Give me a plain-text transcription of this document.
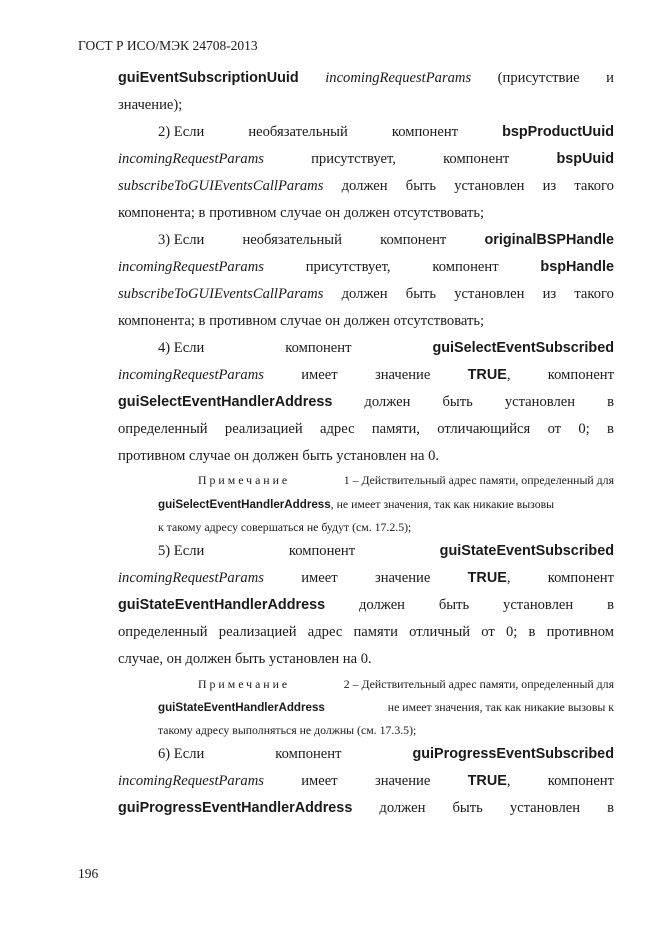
ГОСТ Р ИСО/МЭК 24708-2013
guiEventSubscriptionUuid incomingRequestParams (присутствие и
значение);
2) Если	необязательный	компонент	bspProductUuid
incomingRequestParams	присутствует,	компонент	bspUuid
subscribeToGUIEventsCallParams должен быть установлен из такого
компонента; в противном случае он должен отсутствовать;
3) Если	необязательный	компонент	originalBSPHandle
incomingRequestParams	присутствует,	компонент	bspHandle
subscribeToGUIEventsCallParams должен быть установлен из такого
компонента; в противном случае он должен отсутствовать;
4) Если	компонент	guiSelectEventSubscribed
incomingRequestParams	имеет	значение	TRUE,	компонент
guiSelectEventHandlerAddress должен быть установлен в
определенный реализацией адрес памяти, отличающийся от 0; в
противном случае он должен быть установлен на 0.
Примечание	1 – Действительный адрес памяти, определенный для
guiSelectEventHandlerAddress , не имеет значения, так как никакие вызовы
к такому адресу совершаться не будут (см. 17.2.5);
5) Если	компонент	guiStateEventSubscribed
incomingRequestParams	имеет	значение	TRUE,	компонент
guiStateEventHandlerAddress должен быть установлен в
определенный реализацией адрес памяти отличный от 0; в противном
случае, он должен быть установлен на 0.
Примечание	2 – Действительный адрес памяти, определенный для
guiStateEventHandlerAddress	не имеет значения, так как никакие вызовы к
такому адресу выполняться не должны (см. 17.3.5);
6) Если	компонент	guiProgressEventSubscribed
incomingRequestParams	имеет	значение	TRUE,	компонент
guiProgressEventHandlerAddress должен быть установлен в
196
